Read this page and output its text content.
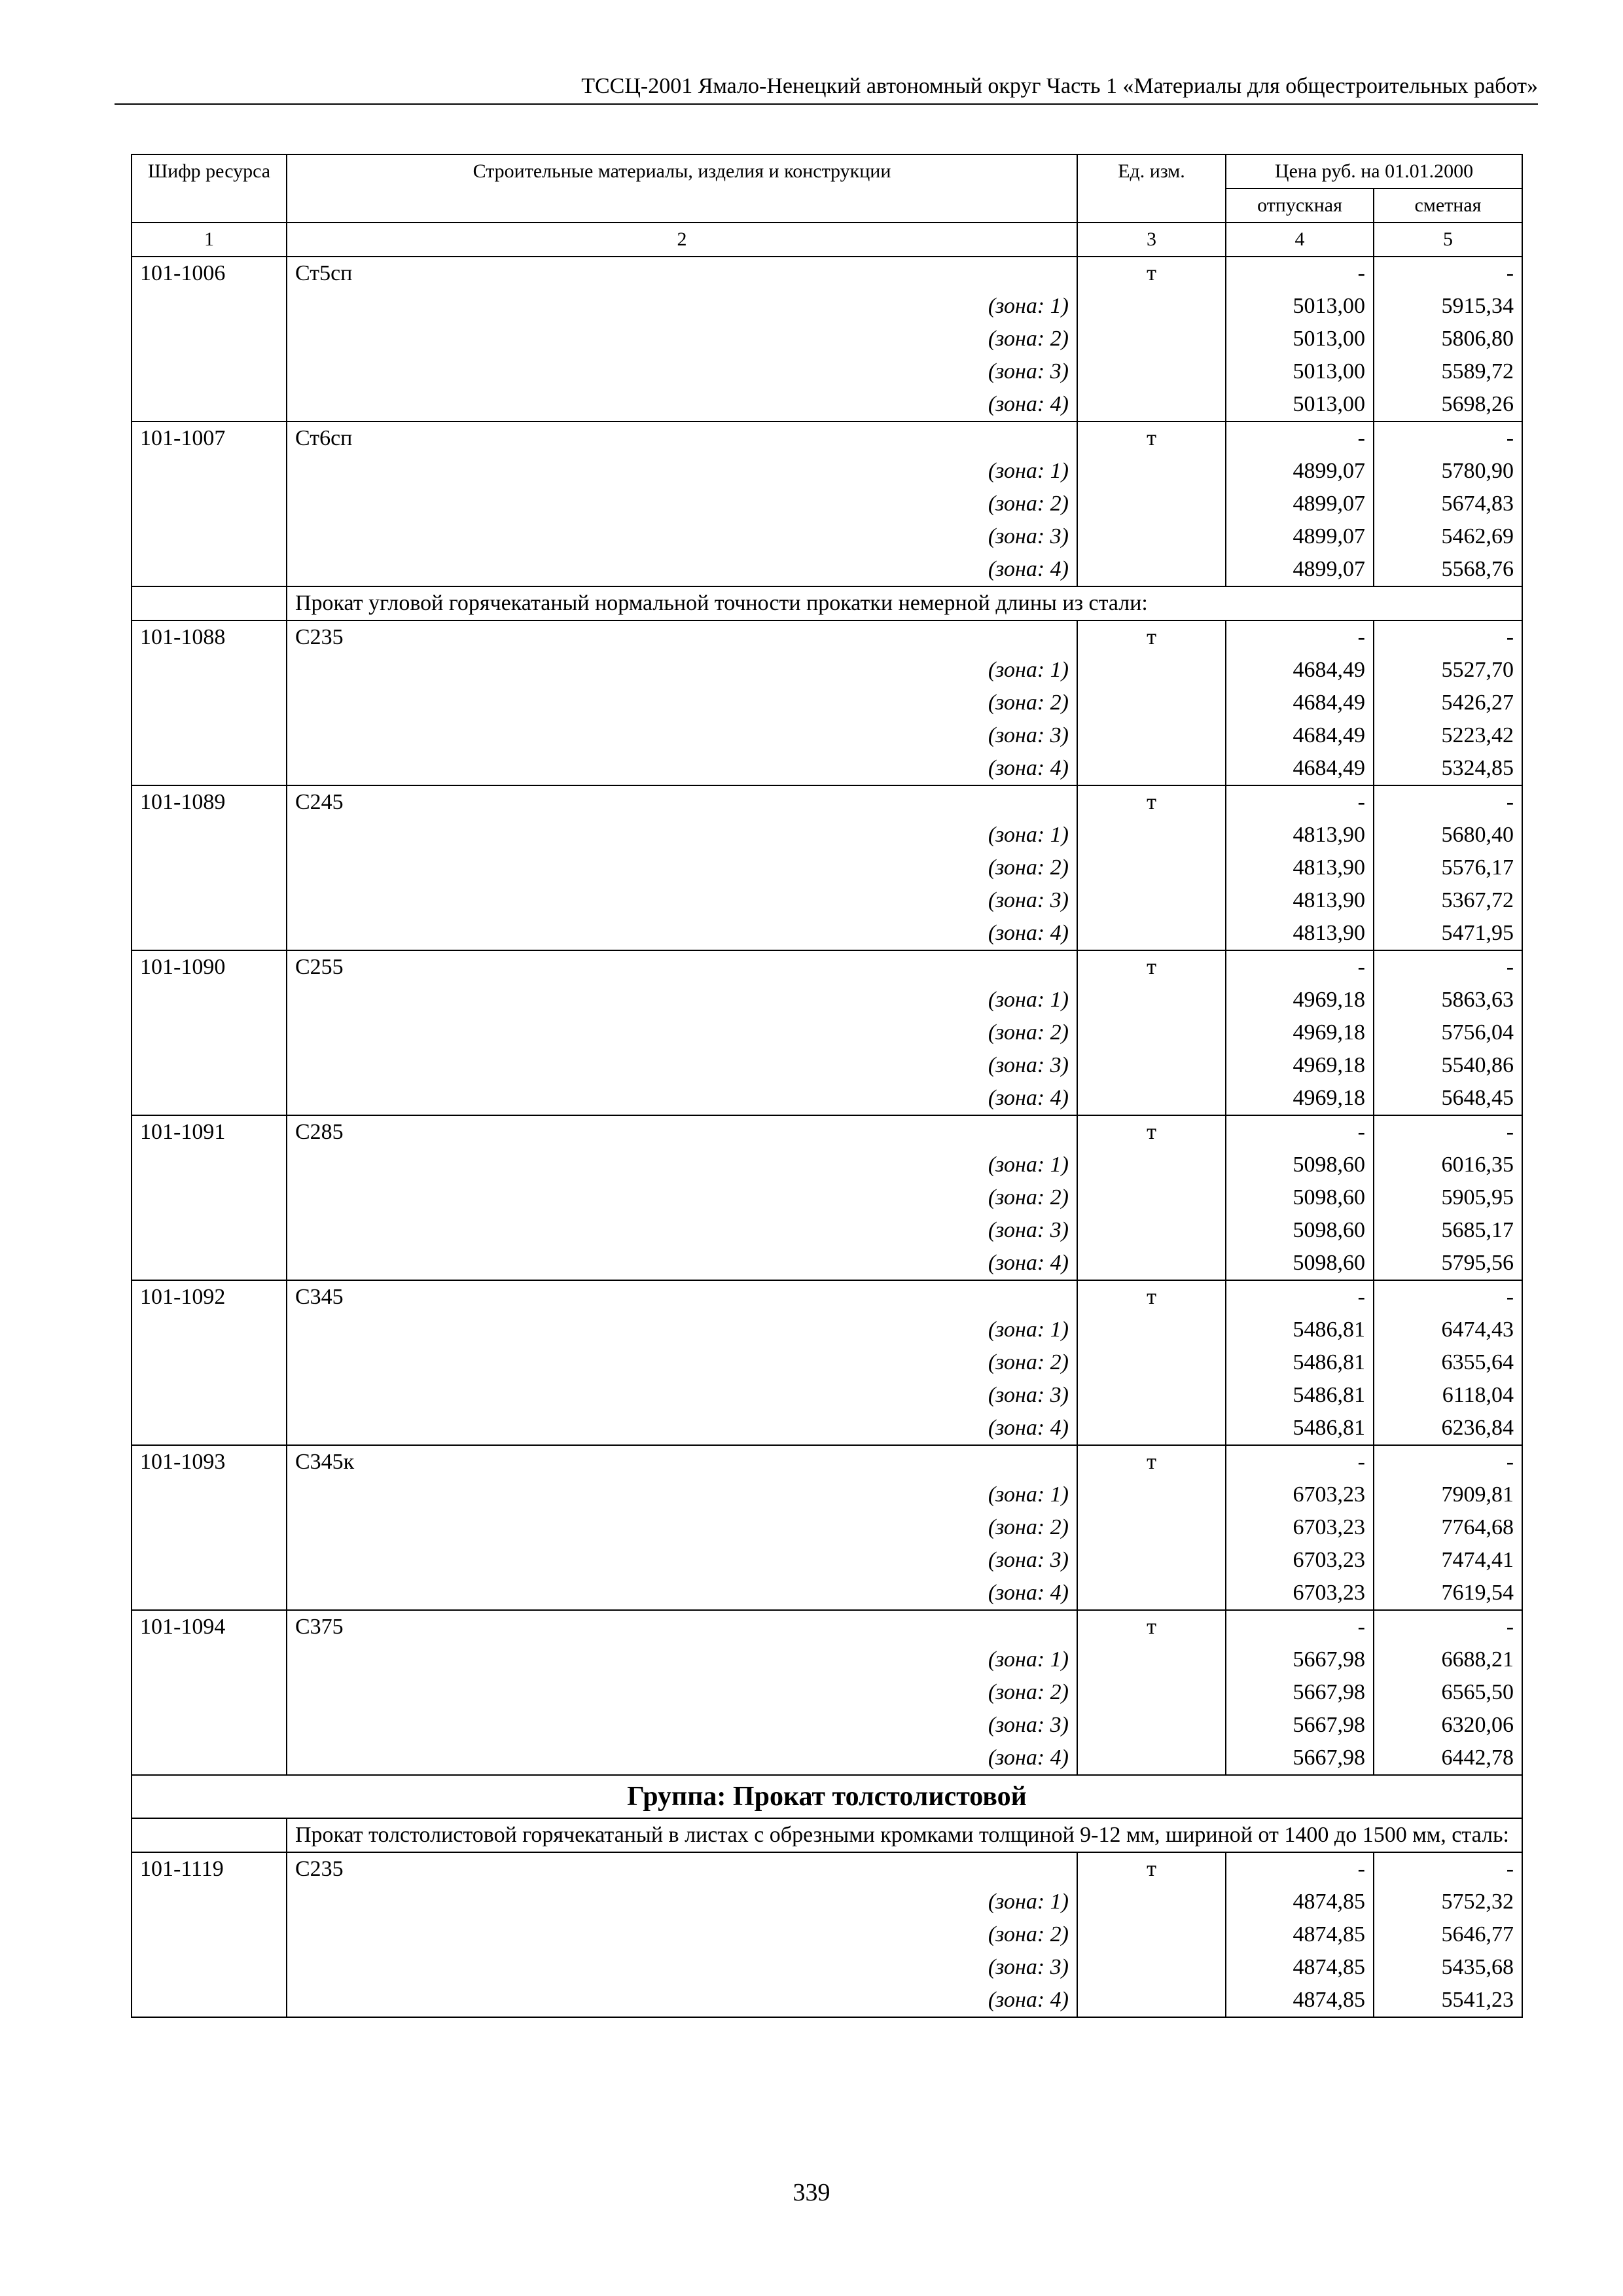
ТССЦ-2001 Ямало-Ненецкий автономный округ Часть 1 «Материалы для общестроительных работ»
Шифр ресурса	Строительные материалы, изделия и конструкции	Ед. изм.	Цена руб. на 01.01.2000	
			отпускная	сметная
1	2	3	4	5
101-1006	Ст5сп	т	-	-
	(зона: 1)		5013,00	5915,34
	(зона: 2)		5013,00	5806,80
	(зона: 3)		5013,00	5589,72
	(зона: 4)		5013,00	5698,26
101-1007	Ст6сп	т	-	-
	(зона: 1)		4899,07	5780,90
	(зона: 2)		4899,07	5674,83
	(зона: 3)		4899,07	5462,69
	(зона: 4)		4899,07	5568,76
	Прокат угловой горячекатаный нормальной точности прокатки немерной длины из стали:			
101-1088	С235	т	-	-
	(зона: 1)		4684,49	5527,70
	(зона: 2)		4684,49	5426,27
	(зона: 3)		4684,49	5223,42
	(зона: 4)		4684,49	5324,85
101-1089	С245	т	-	-
	(зона: 1)		4813,90	5680,40
	(зона: 2)		4813,90	5576,17
	(зона: 3)		4813,90	5367,72
	(зона: 4)		4813,90	5471,95
101-1090	С255	т	-	-
	(зона: 1)		4969,18	5863,63
	(зона: 2)		4969,18	5756,04
	(зона: 3)		4969,18	5540,86
	(зона: 4)		4969,18	5648,45
101-1091	С285	т	-	-
	(зона: 1)		5098,60	6016,35
	(зона: 2)		5098,60	5905,95
	(зона: 3)		5098,60	5685,17
	(зона: 4)		5098,60	5795,56
101-1092	С345	т	-	-
	(зона: 1)		5486,81	6474,43
	(зона: 2)		5486,81	6355,64
	(зона: 3)		5486,81	6118,04
	(зона: 4)		5486,81	6236,84
101-1093	С345к	т	-	-
	(зона: 1)		6703,23	7909,81
	(зона: 2)		6703,23	7764,68
	(зона: 3)		6703,23	7474,41
	(зона: 4)		6703,23	7619,54
101-1094	С375	т	-	-
	(зона: 1)		5667,98	6688,21
	(зона: 2)		5667,98	6565,50
	(зона: 3)		5667,98	6320,06
	(зона: 4)		5667,98	6442,78
Группа: Прокат толстолистовой				
	Прокат толстолистовой горячекатаный в листах с обрезными кромками толщиной 9-12 мм, шириной от 1400 до 1500 мм, сталь:			
101-1119	С235	т	-	-
	(зона: 1)		4874,85	5752,32
	(зона: 2)		4874,85	5646,77
	(зона: 3)		4874,85	5435,68
	(зона: 4)		4874,85	5541,23
339
